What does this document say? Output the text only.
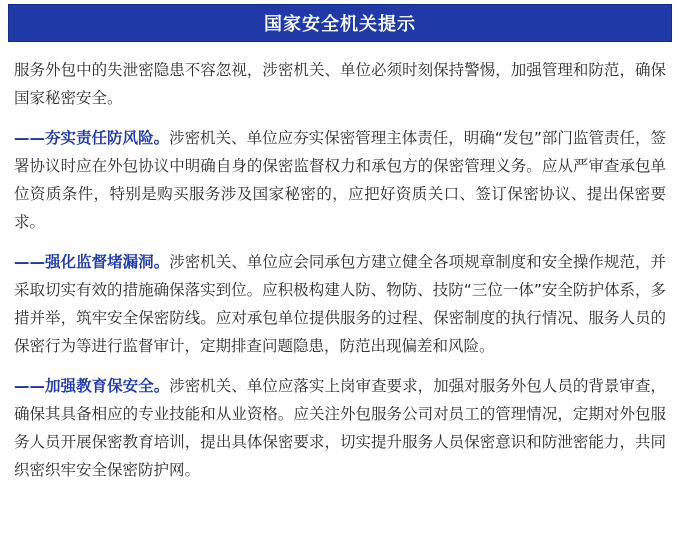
国家安全机关提示

服务外包中的失泄密隐患不容忽视，涉密机关、单位必须时刻保持警惕，加强管理和防范，确保国家秘密安全。

——夯实责任防风险。涉密机关、单位应夯实保密管理主体责任，明确“发包”部门监管责任，签署协议时应在外包协议中明确自身的保密监督权力和承包方的保密管理义务。应从严审查承包单位资质条件，特别是购买服务涉及国家秘密的，应把好资质关口、签订保密协议、提出保密要求。

——强化监督堵漏洞。涉密机关、单位应会同承包方建立健全各项规章制度和安全操作规范，并采取切实有效的措施确保落实到位。应积极构建人防、物防、技防“三位一体”安全防护体系，多措并举，筑牢安全保密防线。应对承包单位提供服务的过程、保密制度的执行情况、服务人员的保密行为等进行监督审计，定期排查问题隐患，防范出现偏差和风险。

——加强教育保安全。涉密机关、单位应落实上岗审查要求，加强对服务外包人员的背景审查，确保其具备相应的专业技能和从业资格。应关注外包服务公司对员工的管理情况，定期对外包服务人员开展保密教育培训，提出具体保密要求，切实提升服务人员保密意识和防泄密能力，共同织密织牢安全保密防护网。
